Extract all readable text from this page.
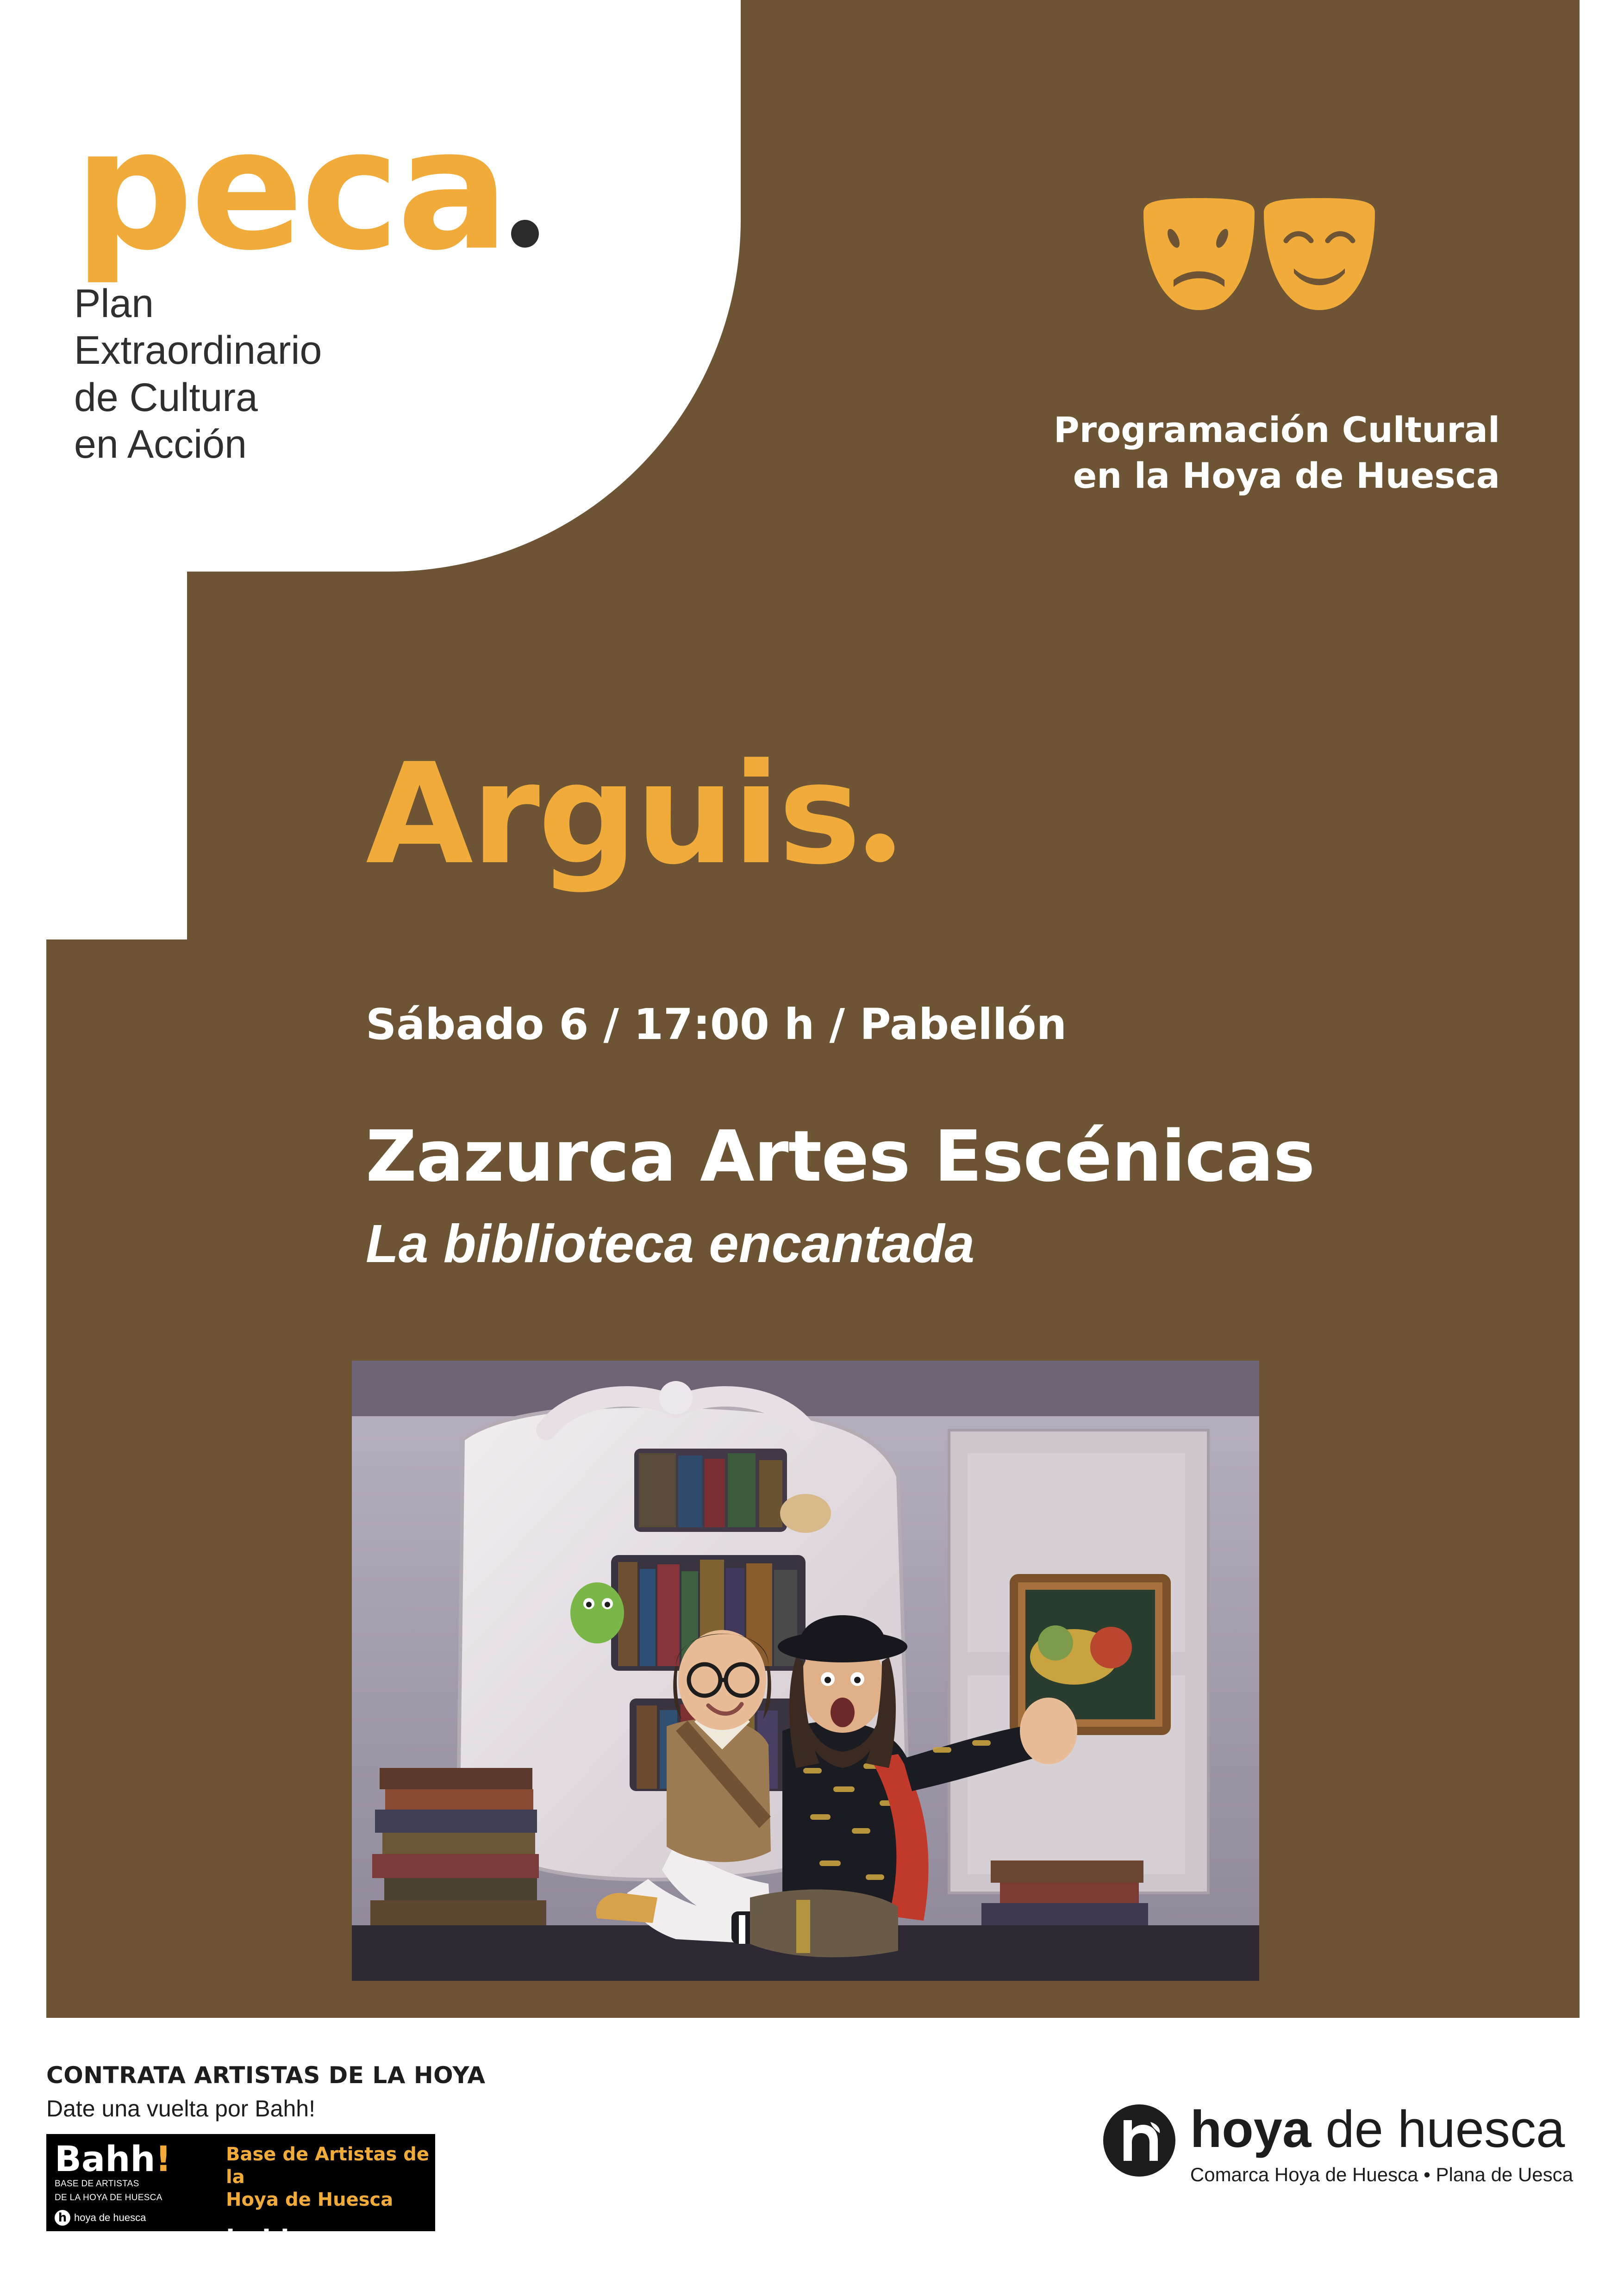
peca
Plan
Extraordinario
de Cultura
en Acción	Programación Cultural
en la Hoya de Huesca
Arguis
Sábado 6 / 17:00 h / Pabellón
Zazurca Artes Escénicas
La biblioteca encantada
CONTRATA ARTISTAS DE LA HOYA
Date una vuelta por Bahh!
Bahh!
BASE DE ARTISTAS
DE LA HOYA DE HUESCA
h hoya de huesca
Base de Artistas de la
Hoya de Huesca
bahh.es
hoya de huesca
Comarca Hoya de Huesca • Plana de Uesca
